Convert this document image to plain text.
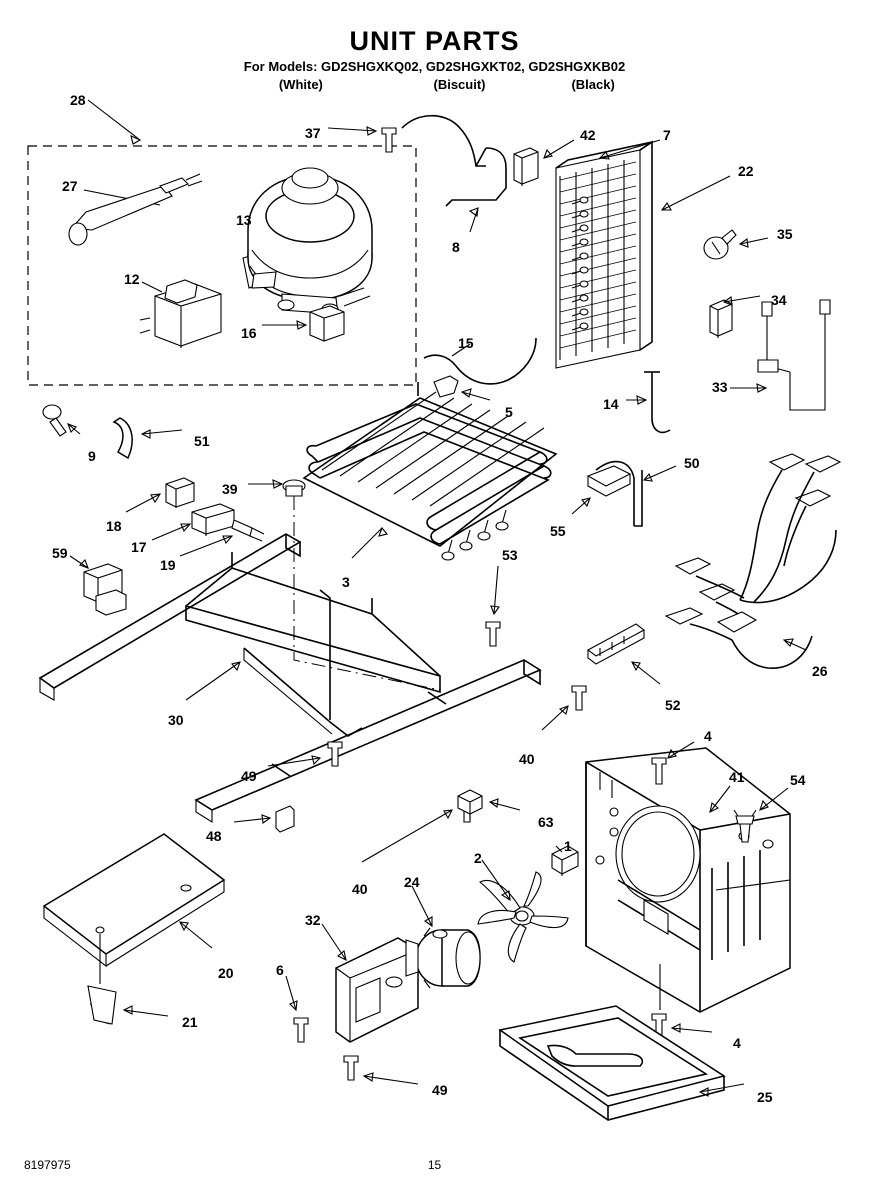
UNIT PARTS
For Models: GD2SHGXKQ02, GD2SHGXKT02, GD2SHGXKB02
(White)	(Biscuit)	(Black)
28
37	42	7
22
27
13
8
35
12
34
16
15
33
5	14
9
51
39
50
18
17
19
55
59
3
53
26
52
30
40
49
4
41	54
48
63
1
40	24
2
32
6
20
21
4
49	25
8197975	15
